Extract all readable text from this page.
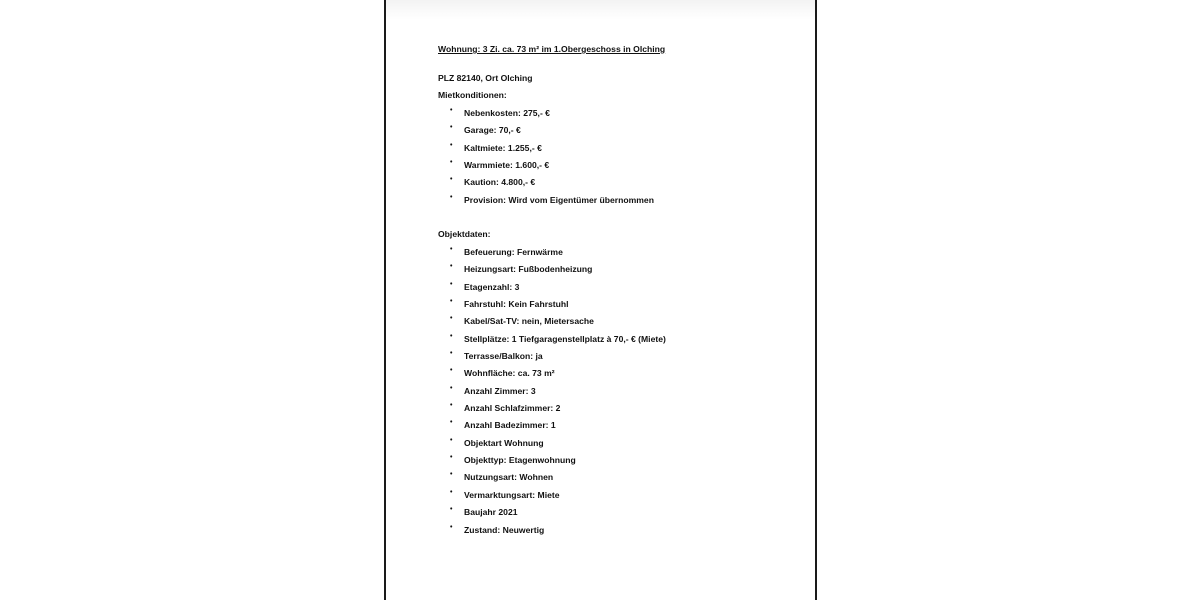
Wohnung: 3 Zi. ca. 73 m² im 1.Obergeschoss in Olching
PLZ 82140, Ort Olching
Mietkonditionen:
• Nebenkosten: 275,- €
• Garage: 70,- €
• Kaltmiete: 1.255,- €
• Warmmiete: 1.600,- €
• Kaution: 4.800,- €
• Provision: Wird vom Eigentümer übernommen
Objektdaten:
• Befeuerung: Fernwärme
• Heizungsart: Fußbodenheizung
• Etagenzahl: 3
• Fahrstuhl: Kein Fahrstuhl
• Kabel/Sat-TV: nein, Mietersache
• Stellplätze: 1 Tiefgaragenstellplatz à 70,- € (Miete)
• Terrasse/Balkon: ja
• Wohnfläche: ca. 73 m²
• Anzahl Zimmer: 3
• Anzahl Schlafzimmer: 2
• Anzahl Badezimmer: 1
• Objektart Wohnung
• Objekttyp: Etagenwohnung
• Nutzungsart: Wohnen
• Vermarktungsart: Miete
• Baujahr 2021
• Zustand: Neuwertig
